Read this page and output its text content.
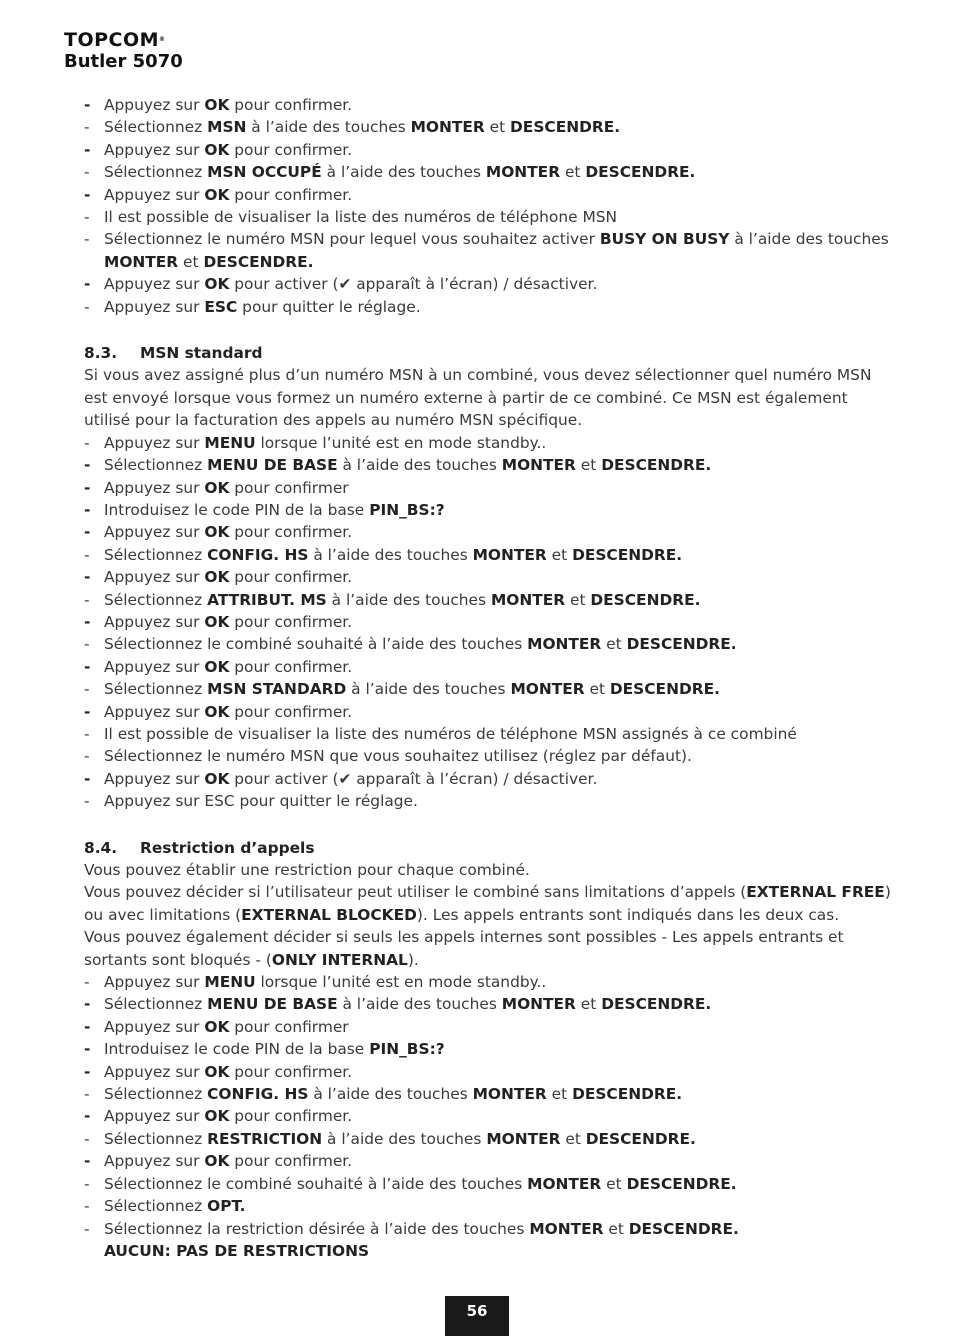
TOPCOM®
Butler 5070
- Appuyez sur OK pour confirmer.
- Sélectionnez MSN à l’aide des touches MONTER et DESCENDRE.
- Appuyez sur OK pour confirmer.
- Sélectionnez MSN OCCUPÉ à l’aide des touches MONTER et DESCENDRE.
- Appuyez sur OK pour confirmer.
- Il est possible de visualiser la liste des numéros de téléphone MSN
- Sélectionnez le numéro MSN pour lequel vous souhaitez activer BUSY ON BUSY à l’aide des touches MONTER et DESCENDRE.
- Appuyez sur OK pour activer (✔ apparaît à l’écran) / désactiver.
- Appuyez sur ESC pour quitter le réglage.
8.3. MSN standard
Si vous avez assigné plus d’un numéro MSN à un combiné, vous devez sélectionner quel numéro MSN est envoyé lorsque vous formez un numéro externe à partir de ce combiné. Ce MSN est également utilisé pour la facturation des appels au numéro MSN spécifique.
- Appuyez sur MENU lorsque l’unité est en mode standby..
- Sélectionnez MENU DE BASE à l’aide des touches MONTER et DESCENDRE.
- Appuyez sur OK pour confirmer
- Introduisez le code PIN de la base PIN_BS:?
- Appuyez sur OK pour confirmer.
- Sélectionnez CONFIG. HS à l’aide des touches MONTER et DESCENDRE.
- Appuyez sur OK pour confirmer.
- Sélectionnez ATTRIBUT. MS à l’aide des touches MONTER et DESCENDRE.
- Appuyez sur OK pour confirmer.
- Sélectionnez le combiné souhaité à l’aide des touches MONTER et DESCENDRE.
- Appuyez sur OK pour confirmer.
- Sélectionnez MSN STANDARD à l’aide des touches MONTER et DESCENDRE.
- Appuyez sur OK pour confirmer.
- Il est possible de visualiser la liste des numéros de téléphone MSN assignés à ce combiné
- Sélectionnez le numéro MSN que vous souhaitez utilisez (réglez par défaut).
- Appuyez sur OK pour activer (✔ apparaît à l’écran) / désactiver.
- Appuyez sur ESC pour quitter le réglage.
8.4. Restriction d’appels
Vous pouvez établir une restriction pour chaque combiné.
Vous pouvez décider si l’utilisateur peut utiliser le combiné sans limitations d’appels (EXTERNAL FREE) ou avec limitations (EXTERNAL BLOCKED). Les appels entrants sont indiqués dans les deux cas.
Vous pouvez également décider si seuls les appels internes sont possibles - Les appels entrants et sortants sont bloqués - (ONLY INTERNAL).
- Appuyez sur MENU lorsque l’unité est en mode standby..
- Sélectionnez MENU DE BASE à l’aide des touches MONTER et DESCENDRE.
- Appuyez sur OK pour confirmer
- Introduisez le code PIN de la base PIN_BS:?
- Appuyez sur OK pour confirmer.
- Sélectionnez CONFIG. HS à l’aide des touches MONTER et DESCENDRE.
- Appuyez sur OK pour confirmer.
- Sélectionnez RESTRICTION à l’aide des touches MONTER et DESCENDRE.
- Appuyez sur OK pour confirmer.
- Sélectionnez le combiné souhaité à l’aide des touches MONTER et DESCENDRE.
- Sélectionnez OPT.
- Sélectionnez la restriction désirée à l’aide des touches MONTER et DESCENDRE.
AUCUN: PAS DE RESTRICTIONS
56
